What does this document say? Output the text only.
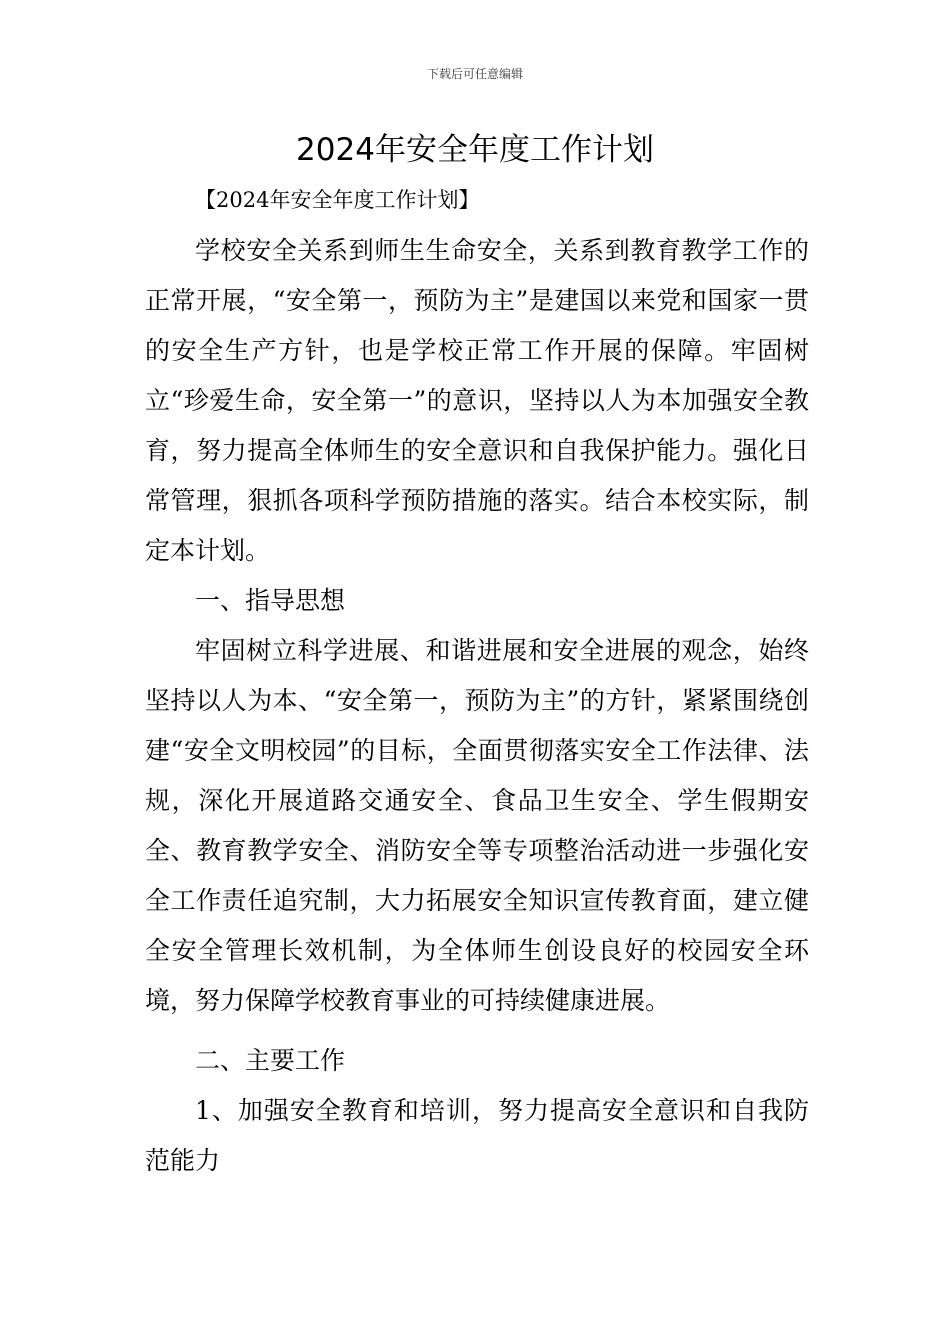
下载后可任意编辑
2024年安全年度工作计划

【2024年安全年度工作计划】

学校安全关系到师生生命安全，关系到教育教学工作的正常开展，“安全第一，预防为主”是建国以来党和国家一贯的安全生产方针，也是学校正常工作开展的保障。牢固树立“珍爱生命，安全第一”的意识，坚持以人为本加强安全教育，努力提高全体师生的安全意识和自我保护能力。强化日常管理，狠抓各项科学预防措施的落实。结合本校实际，制定本计划。

一、指导思想

牢固树立科学进展、和谐进展和安全进展的观念，始终坚持以人为本、“安全第一，预防为主”的方针，紧紧围绕创建“安全文明校园”的目标，全面贯彻落实安全工作法律、法规，深化开展道路交通安全、食品卫生安全、学生假期安全、教育教学安全、消防安全等专项整治活动进一步强化安全工作责任追究制，大力拓展安全知识宣传教育面，建立健全安全管理长效机制，为全体师生创设良好的校园安全环境，努力保障学校教育事业的可持续健康进展。

二、主要工作

1、加强安全教育和培训，努力提高安全意识和自我防范能力
